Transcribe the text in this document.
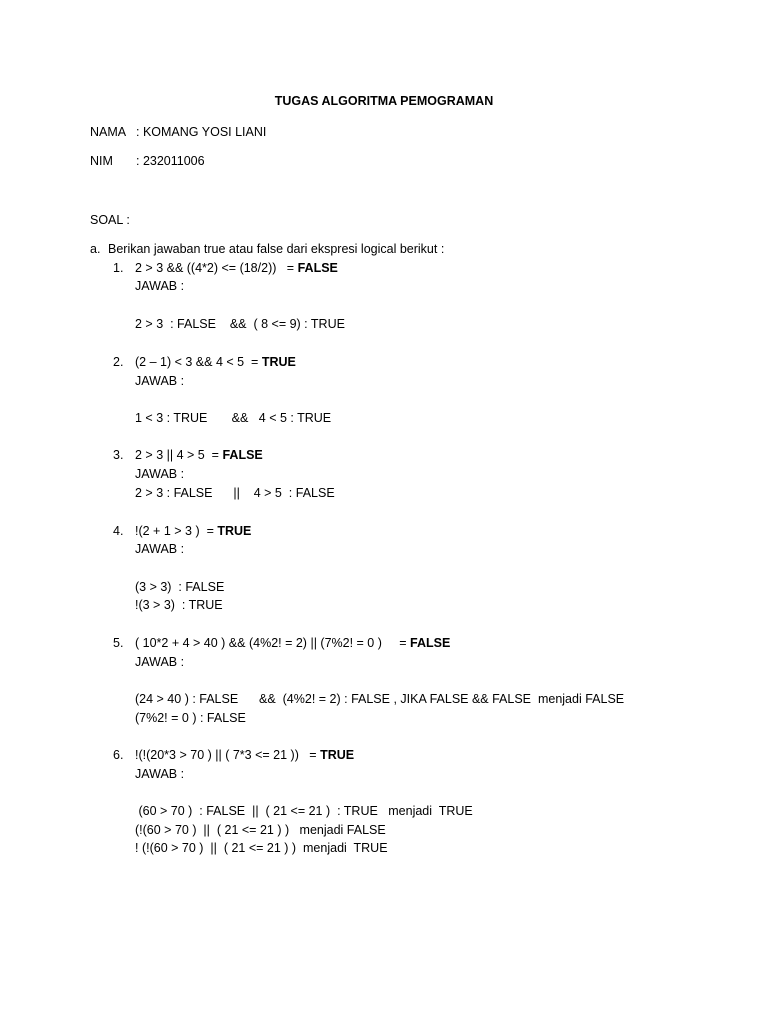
TUGAS ALGORITMA PEMOGRAMAN
NAMA : KOMANG YOSI LIANI
NIM : 232011006
SOAL :
a. Berikan jawaban true atau false dari ekspresi logical berikut :
1. 2 > 3 && ((4*2) <= (18/2))   = FALSE
JAWAB :
2 > 3  : FALSE    &&  ( 8 <= 9) : TRUE
2. (2 – 1) < 3 && 4 < 5  = TRUE
JAWAB :
1 < 3 : TRUE       &&   4 < 5 : TRUE
3. 2 > 3 || 4 > 5  = FALSE
JAWAB :
2 > 3 : FALSE      ||    4 > 5  : FALSE
4. !(2 + 1 > 3 )  = TRUE
JAWAB :
(3 > 3)  : FALSE
!(3 > 3)  : TRUE
5. ( 10*2 + 4 > 40 ) && (4%2! = 2) || (7%2! = 0 )     = FALSE
JAWAB :
(24 > 40 ) : FALSE      &&  (4%2! = 2) : FALSE , JIKA FALSE && FALSE  menjadi FALSE
(7%2! = 0 ) : FALSE
6. !(!(20*3 > 70 ) || ( 7*3 <= 21 ))   = TRUE
JAWAB :
(60 > 70 )  : FALSE  ||  ( 21 <= 21 )  : TRUE   menjadi  TRUE
(!(60 > 70 )  ||  ( 21 <= 21 ) )   menjadi FALSE
! (!(60 > 70 )  ||  ( 21 <= 21 ) )  menjadi  TRUE
